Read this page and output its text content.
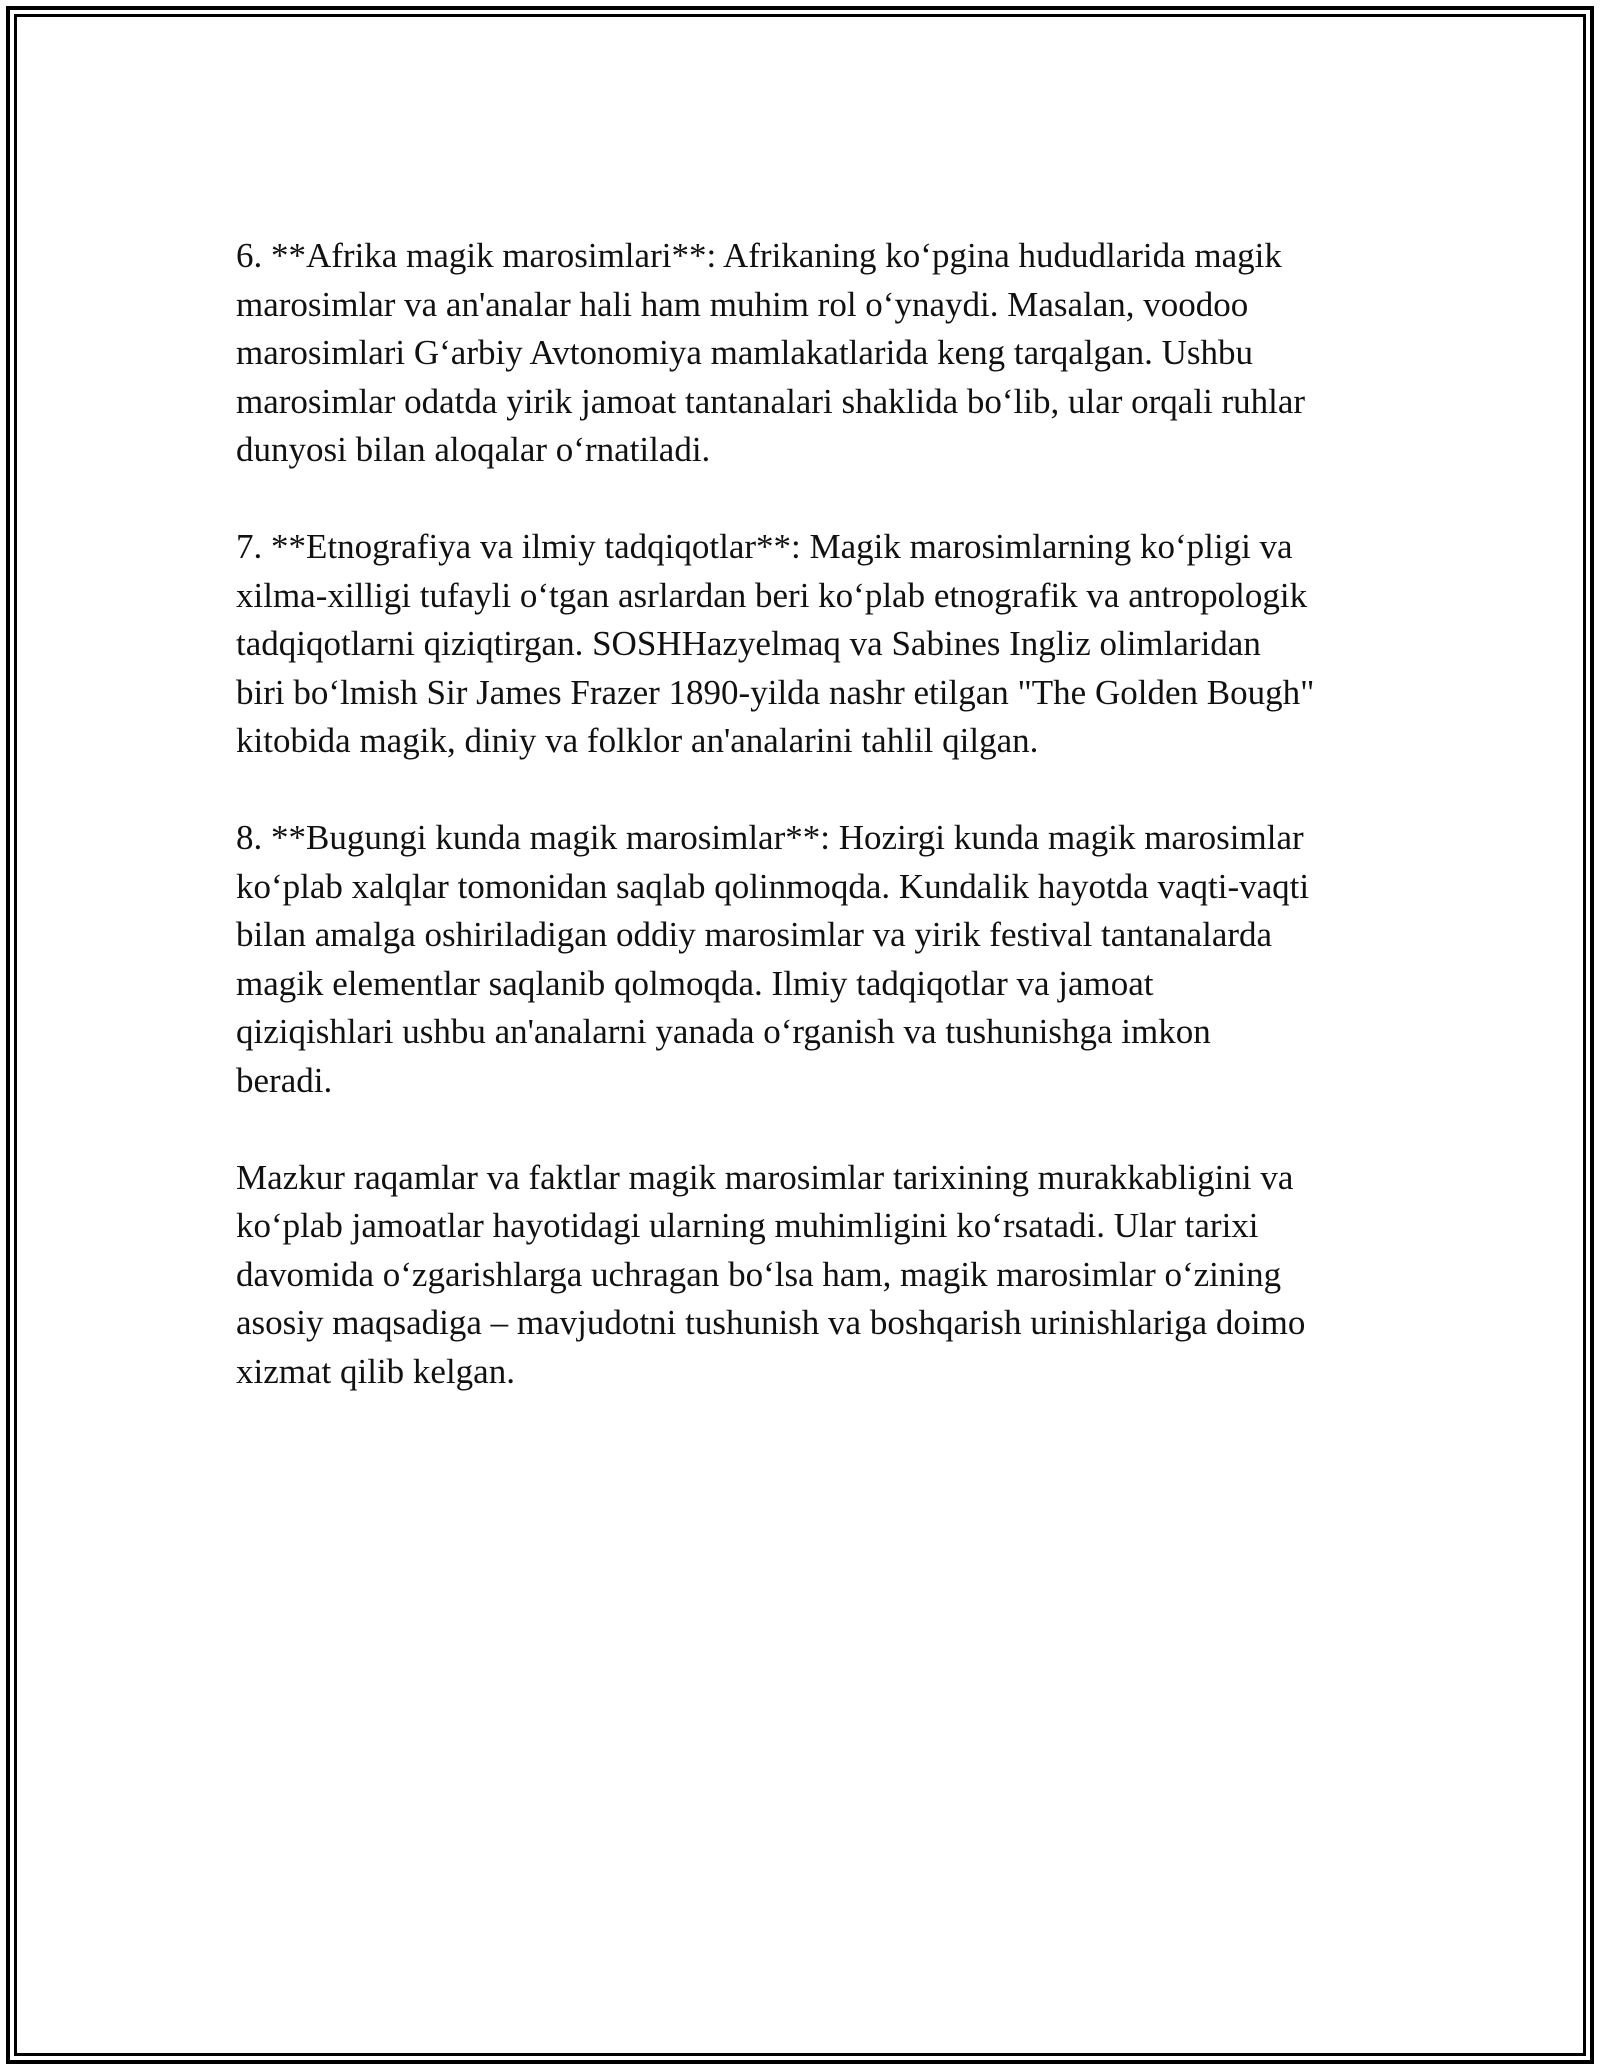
6. **Afrika magik marosimlari**: Afrikaning ko‘pgina hududlarida magik
marosimlar va an'analar hali ham muhim rol o‘ynaydi. Masalan, voodoo
marosimlari G‘arbiy Avtonomiya mamlakatlarida keng tarqalgan. Ushbu
marosimlar odatda yirik jamoat tantanalari shaklida bo‘lib, ular orqali ruhlar
dunyosi bilan aloqalar o‘rnatiladi.

7. **Etnografiya va ilmiy tadqiqotlar**: Magik marosimlarning ko‘pligi va
xilma-xilligi tufayli o‘tgan asrlardan beri ko‘plab etnografik va antropologik
tadqiqotlarni qiziqtirgan. SOSHHazyelmaq va Sabines Ingliz olimlaridan
biri bo‘lmish Sir James Frazer 1890-yilda nashr etilgan "The Golden Bough"
kitobida magik, diniy va folklor an'analarini tahlil qilgan.

8. **Bugungi kunda magik marosimlar**: Hozirgi kunda magik marosimlar
ko‘plab xalqlar tomonidan saqlab qolinmoqda. Kundalik hayotda vaqti-vaqti
bilan amalga oshiriladigan oddiy marosimlar va yirik festival tantanalarda
magik elementlar saqlanib qolmoqda. Ilmiy tadqiqotlar va jamoat
qiziqishlari ushbu an'analarni yanada o‘rganish va tushunishga imkon
beradi.

Mazkur raqamlar va faktlar magik marosimlar tarixining murakkabligini va
ko‘plab jamoatlar hayotidagi ularning muhimligini ko‘rsatadi. Ular tarixi
davomida o‘zgarishlarga uchragan bo‘lsa ham, magik marosimlar o‘zining
asosiy maqsadiga – mavjudotni tushunish va boshqarish urinishlariga doimo
xizmat qilib kelgan.
